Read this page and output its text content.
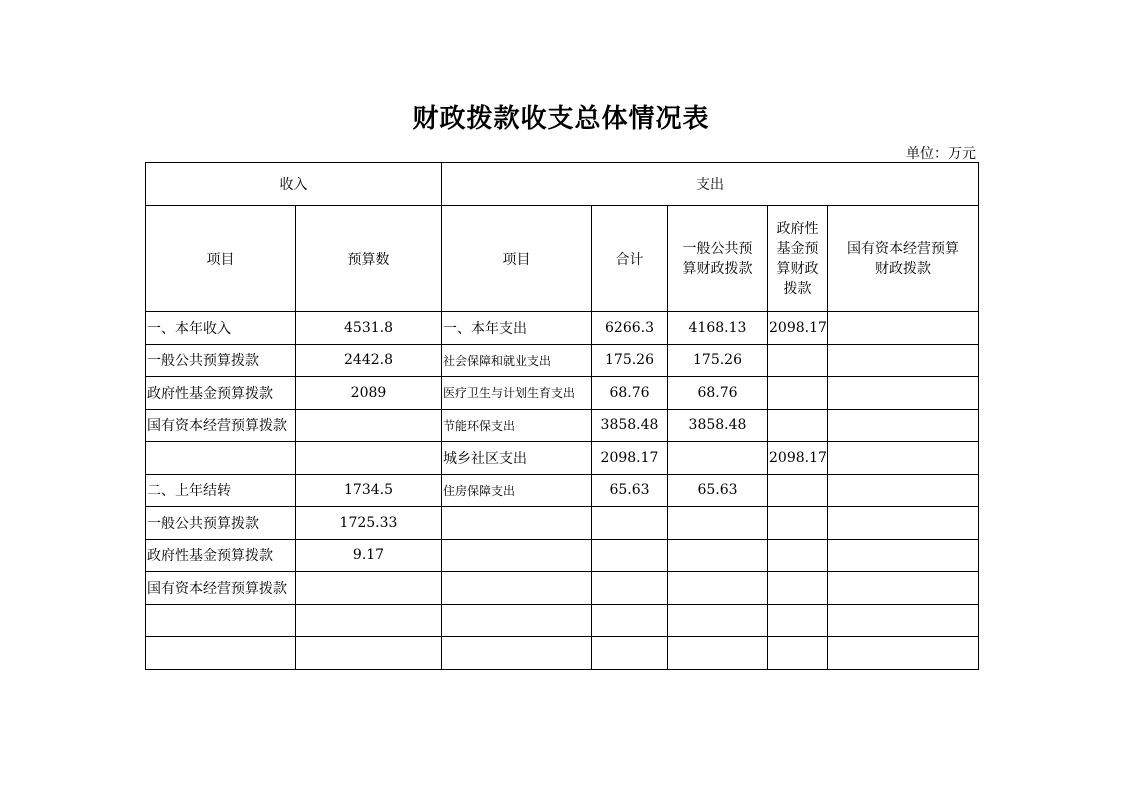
财政拨款收支总体情况表
单位：万元
收入		支出				
项目	预算数	项目	合计	一般公共预算财政拨款	政府性基金预算财政拨款	国有资本经营预算财政拨款
一、本年收入	4531.8	一、本年支出	6266.3	4168.13	2098.17	
一般公共预算拨款	2442.8	社会保障和就业支出	175.26	175.26		
政府性基金预算拨款	2089	医疗卫生与计划生育支出	68.76	68.76		
国有资本经营预算拨款		节能环保支出	3858.48	3858.48		
		城乡社区支出	2098.17		2098.17	
二、上年结转	1734.5	住房保障支出	65.63	65.63		
一般公共预算拨款	1725.33					
政府性基金预算拨款	9.17					
国有资本经营预算拨款						
